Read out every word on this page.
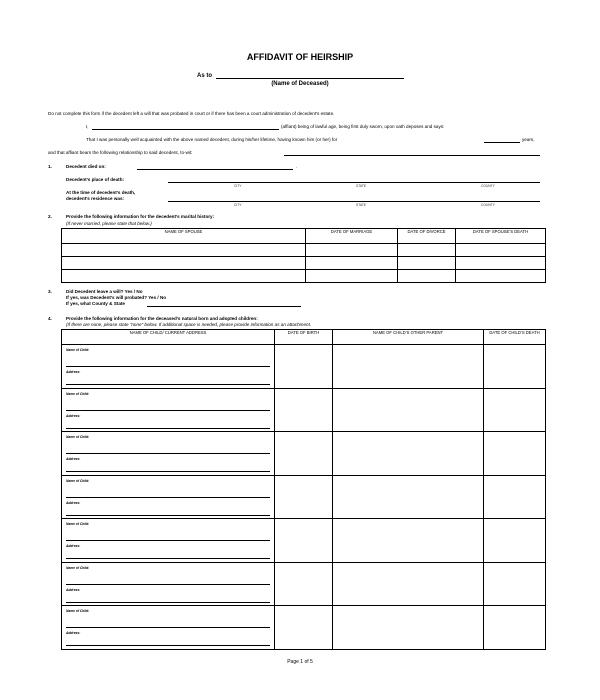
AFFIDAVIT OF HEIRSHIP
As to
(Name of Deceased)
Do not complete this form if the decedent left a will that was probated in court or if there has been a court administration of decedent’s estate.
I,	(affiant) being of lawful age, being first duly sworn, upon oath deposes and says:
That I was personally well acquainted with the above named decedent, during his/her lifetime, having known him (or her) for	years,
and that affiant bears the following relationship to said decedent, to-wit:
1.	Decedent died on:	.
Decedent’s place of death:
CITY	STATE	COUNTY
At the time of decedent’s death,
decedent’s residence was:
CITY	STATE	COUNTY
2.	Provide the following information for the decedent’s marital history:
(If never married, please state that below.)
NAME OF SPOUSE	DATE OF MARRIAGE	DATE OF DIVORCE	DATE OF SPOUSE’S DEATH

3.	Did Decedent leave a will? Yes / No
If yes, was Decedent’s will probated? Yes / No
If yes, what County & State
4.	Provide the following information for the deceased’s natural born and adopted children:
(If there are none, please state “none” below. If additional space is needed, please provide information as an attachment.
NAME OF CHILD/ CURRENT ADDRESS	DATE OF BIRTH	NAME OF CHILD’S OTHER PARENT	DATE OF CHILD’S DEATH

Name of Child:
Address:			

Name of Child:
Address:			

Name of Child:
Address:			

Name of Child:
Address:			

Name of Child:
Address:			

Name of Child:
Address:			

Name of Child:
Address:			

Page 1 of 5
